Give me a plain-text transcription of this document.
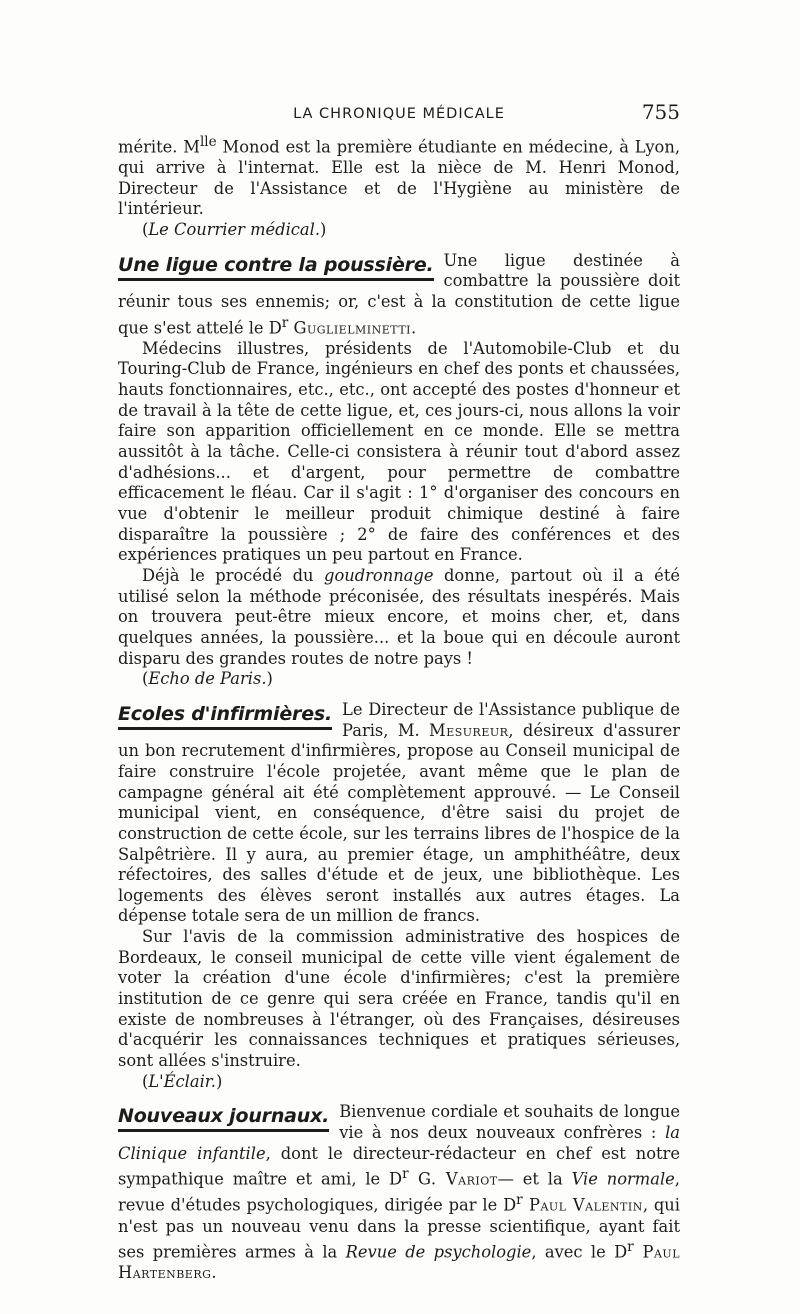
LA CHRONIQUE MÉDICALE	755

mérite. $M^{lle}$ Monod est la première étudiante en médecine, à Lyon, qui arrive à l'internat. Elle est la nièce de M. Henri Monod, Directeur de l'Assistance et de l'Hygiène au ministère de l'intérieur.

(Le Courrier médical.)

Une ligue contre la poussière. Une ligue destinée à combattre la poussière doit réunir tous ses ennemis; or, c'est à la constitution de cette ligue que s'est attelé le $D^r$ Guglielminetti.

Médecins illustres, présidents de l'Automobile-Club et du Touring-Club de France, ingénieurs en chef des ponts et chaussées, hauts fonctionnaires, etc., etc., ont accepté des postes d'honneur et de travail à la tête de cette ligue, et, ces jours-ci, nous allons la voir faire son apparition officiellement en ce monde. Elle se mettra aussitôt à la tâche. Celle-ci consistera à réunir tout d'abord assez d'adhésions... et d'argent, pour permettre de combattre efficacement le fléau. Car il s'agit : 1° d'organiser des concours en vue d'obtenir le meilleur produit chimique destiné à faire disparaître la poussière ; 2° de faire des conférences et des expériences pratiques un peu partout en France.

Déjà le procédé du goudronnage donne, partout où il a été utilisé selon la méthode préconisée, des résultats inespérés. Mais on trouvera peut-être mieux encore, et moins cher, et, dans quelques années, la poussière... et la boue qui en découle auront disparu des grandes routes de notre pays !

(Echo de Paris.)

Ecoles d'infirmières. Le Directeur de l'Assistance publique de Paris, M. Mesureur, désireux d'assurer un bon recrutement d'infirmières, propose au Conseil municipal de faire construire l'école projetée, avant même que le plan de campagne général ait été complètement approuvé. — Le Conseil municipal vient, en conséquence, d'être saisi du projet de construction de cette école, sur les terrains libres de l'hospice de la Salpêtrière. Il y aura, au premier étage, un amphithéâtre, deux réfectoires, des salles d'étude et de jeux, une bibliothèque. Les logements des élèves seront installés aux autres étages. La dépense totale sera de un million de francs.

Sur l'avis de la commission administrative des hospices de Bordeaux, le conseil municipal de cette ville vient également de voter la création d'une école d'infirmières; c'est la première institution de ce genre qui sera créée en France, tandis qu'il en existe de nombreuses à l'étranger, où des Françaises, désireuses d'acquérir les connaissances techniques et pratiques sérieuses, sont allées s'instruire.

(L'Éclair.)

Nouveaux journaux. Bienvenue cordiale et souhaits de longue vie à nos deux nouveaux confrères : la Clinique infantile, dont le directeur-rédacteur en chef est notre sympathique maître et ami, le $D^r$ G. Variot— et la Vie normale, revue d'études psychologiques, dirigée par le $D^r$ Paul Valentin, qui n'est pas un nouveau venu dans la presse scientifique, ayant fait ses premières armes à la Revue de psychologie, avec le $D^r$ Paul Hartenberg.
